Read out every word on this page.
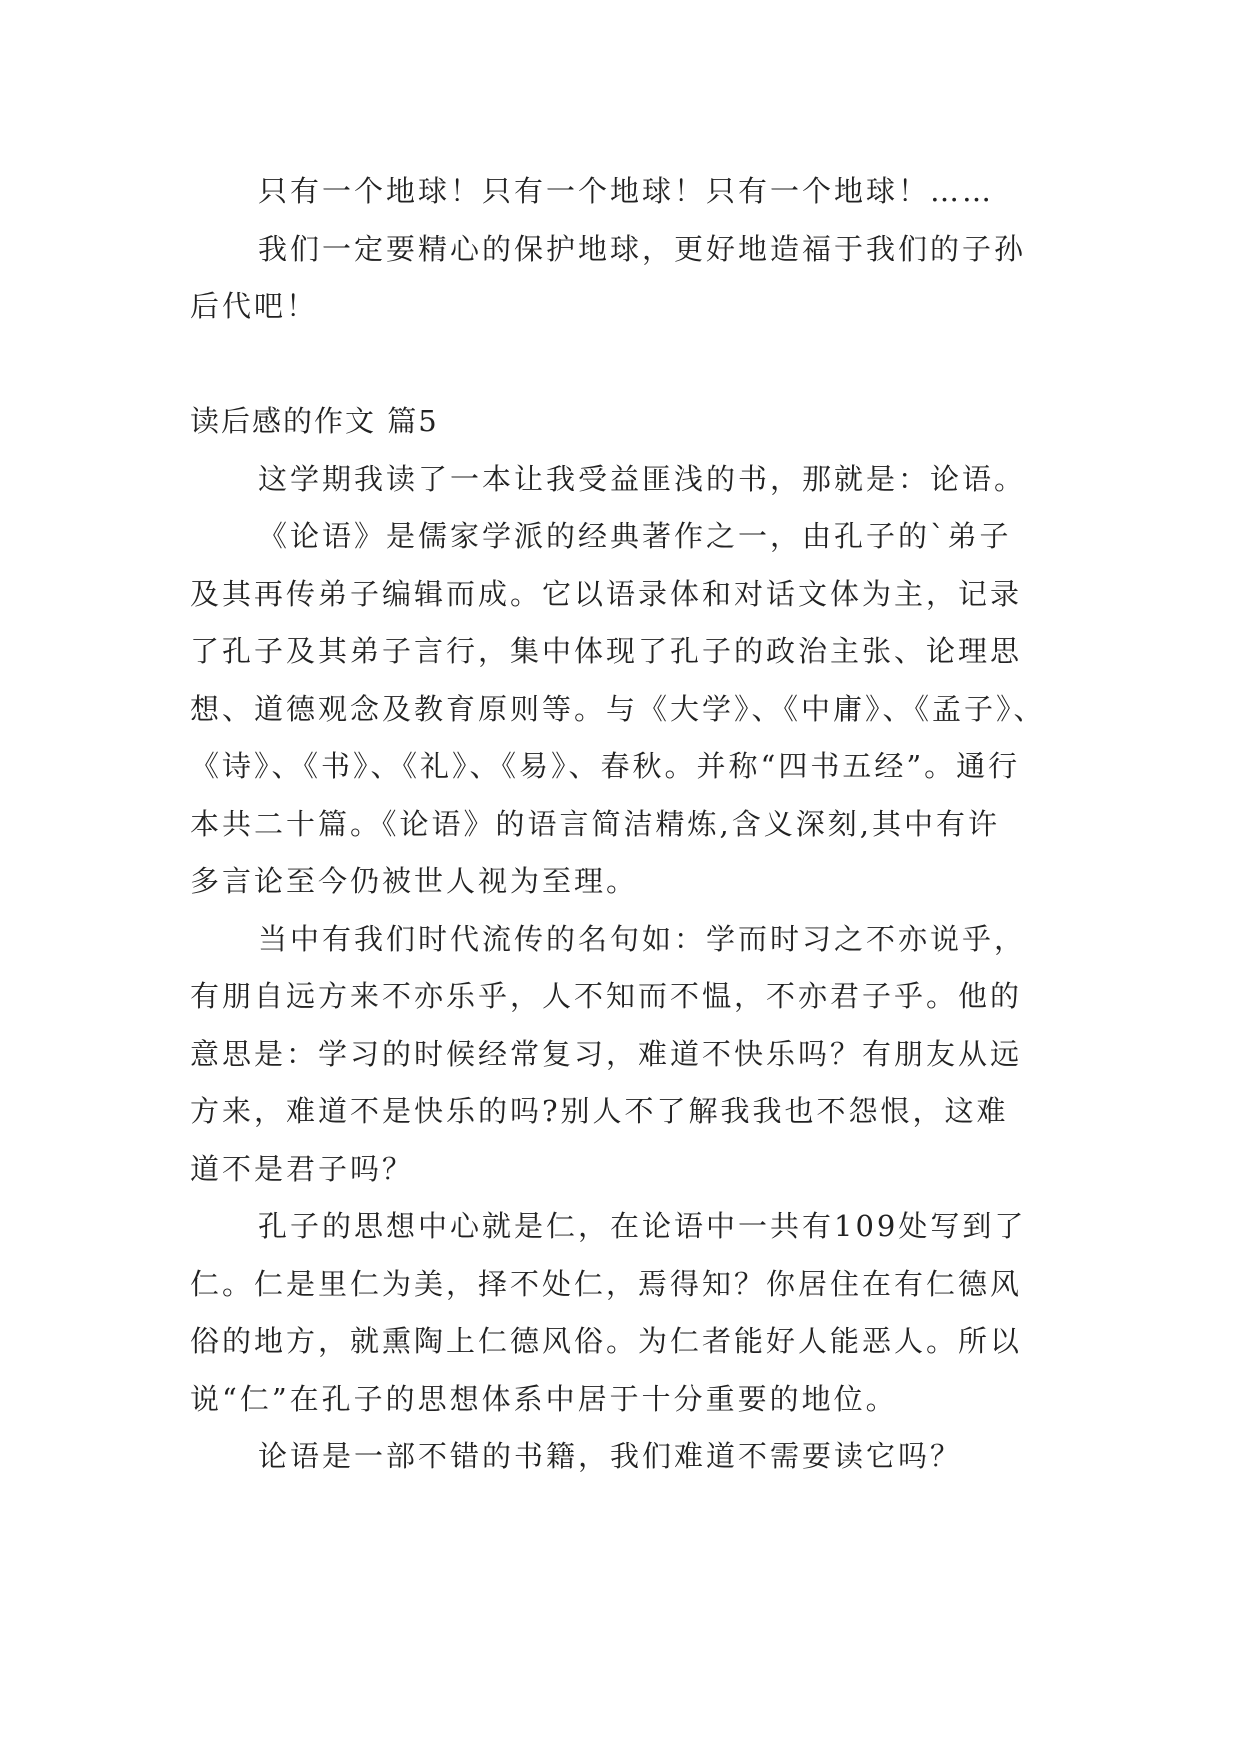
只有一个地球！只有一个地球！只有一个地球！……
我们一定要精心的保护地球，更好地造福于我们的子孙
后代吧！
读后感的作文 篇5
这学期我读了一本让我受益匪浅的书，那就是：论语。
《论语》是儒家学派的经典著作之一，由孔子的`弟子
及其再传弟子编辑而成。它以语录体和对话文体为主，记录
了孔子及其弟子言行，集中体现了孔子的政治主张、论理思
想、道德观念及教育原则等。与《大学》、《中庸》、《孟子》、
《诗》、《书》、《礼》、《易》、春秋。并称“四书五经”。通行
本共二十篇。《论语》的语言简洁精炼,含义深刻,其中有许
多言论至今仍被世人视为至理。
当中有我们时代流传的名句如：学而时习之不亦说乎，
有朋自远方来不亦乐乎，人不知而不愠，不亦君子乎。他的
意思是：学习的时候经常复习，难道不快乐吗？有朋友从远
方来，难道不是快乐的吗?别人不了解我我也不怨恨，这难
道不是君子吗？
孔子的思想中心就是仁，在论语中一共有109处写到了
仁。仁是里仁为美，择不处仁，焉得知？你居住在有仁德风
俗的地方，就熏陶上仁德风俗。为仁者能好人能恶人。所以
说“仁”在孔子的思想体系中居于十分重要的地位。
论语是一部不错的书籍，我们难道不需要读它吗？
